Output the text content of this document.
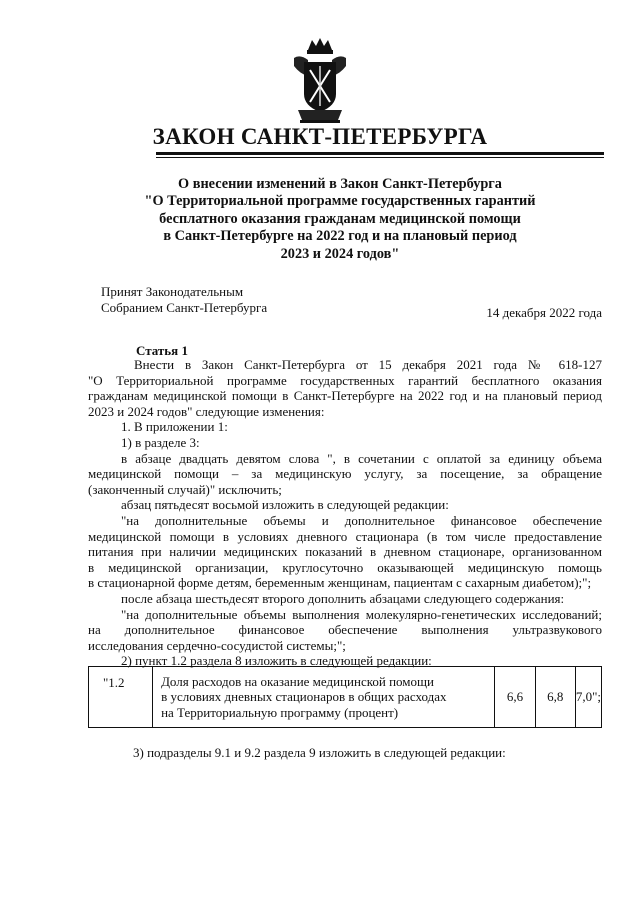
ЗАКОН САНКТ-ПЕТЕРБУРГА
О внесении изменений в Закон Санкт-Петербурга
"О Территориальной программе государственных гарантий
бесплатного оказания гражданам медицинской помощи
в Санкт-Петербурге на 2022 год и на плановый период
2023 и 2024 годов"
Принят Законодательным
Собранием Санкт-Петербурга	14 декабря 2022 года
Статья 1

Внести в Закон Санкт-Петербурга от 15 декабря 2021 года № 618-127

"О Территориальной программе государственных гарантий бесплатного оказания

гражданам медицинской помощи в Санкт-Петербурге на 2022 год и на плановый период

2023 и 2024 годов" следующие изменения:

1. В приложении 1:

1) в разделе 3:

в абзаце двадцать девятом слова ", в сочетании с оплатой за единицу объема

медицинской помощи – за медицинскую услугу, за посещение, за обращение

(законченный случай)" исключить;

абзац пятьдесят восьмой изложить в следующей редакции:

"на дополнительные объемы и дополнительное финансовое обеспечение

медицинской помощи в условиях дневного стационара (в том числе предоставление

питания при наличии медицинских показаний в дневном стационаре, организованном

в медицинской организации, круглосуточно оказывающей медицинскую помощь

в стационарной форме детям, беременным женщинам, пациентам с сахарным диабетом);";

после абзаца шестьдесят второго дополнить абзацами следующего содержания:

"на дополнительные объемы выполнения молекулярно-генетических исследований;

на дополнительное финансовое обеспечение выполнения ультразвукового

исследования сердечно-сосудистой системы;";

2) пункт 1.2 раздела 8 изложить в следующей редакции:

"1.2	Доля расходов на оказание медицинской помощи
в условиях дневных стационаров в общих расходах
на Территориальную программу (процент)
	6,6	6,8	7,0";
3) подразделы 9.1 и 9.2 раздела 9 изложить в следующей редакции:
